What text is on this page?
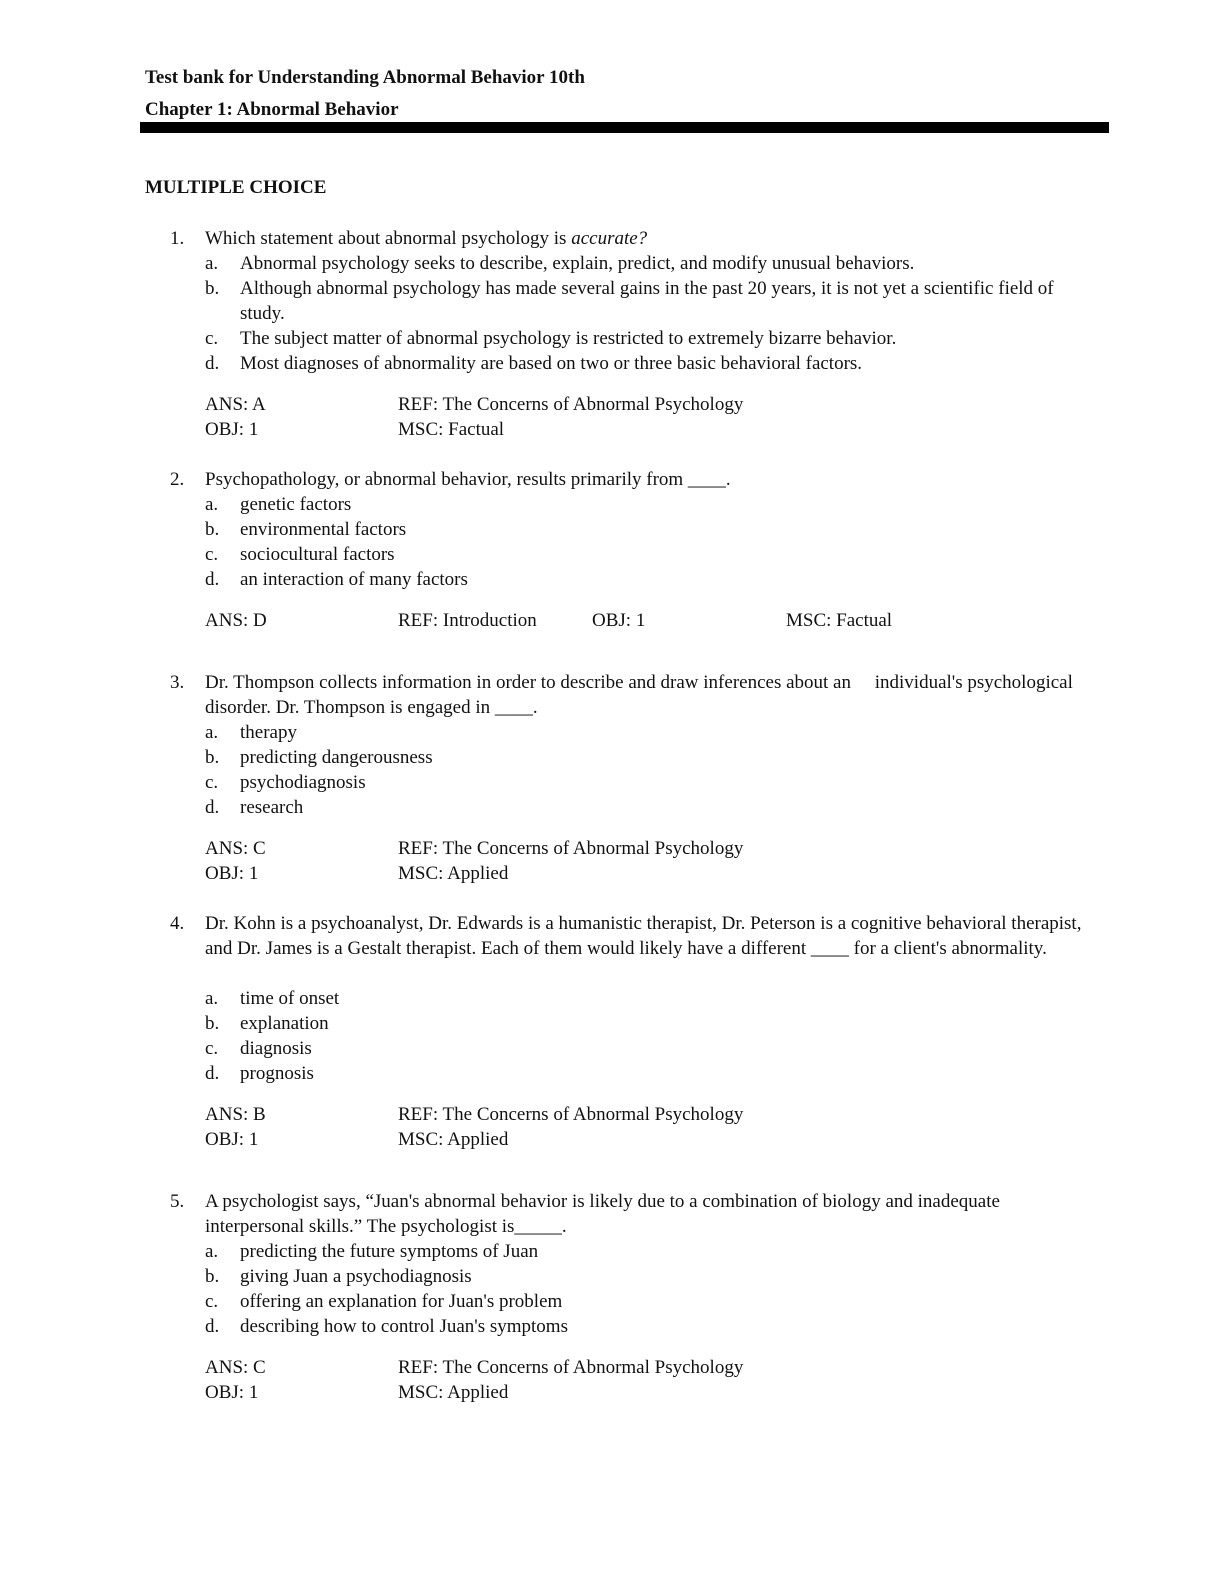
Test bank for Understanding Abnormal Behavior 10th
Chapter 1: Abnormal Behavior
MULTIPLE CHOICE
1. Which statement about abnormal psychology is accurate?
a.	Abnormal psychology seeks to describe, explain, predict, and modify unusual behaviors.
b.	Although abnormal psychology has made several gains in the past 20 years, it is not yet a scientific field of study.
c.	The subject matter of abnormal psychology is restricted to extremely bizarre behavior.
d.	Most diagnoses of abnormality are based on two or three basic behavioral factors.
ANS: A	REF: The Concerns of Abnormal Psychology
OBJ: 1	MSC: Factual
2. Psychopathology, or abnormal behavior, results primarily from ____.
a.	genetic factors
b.	environmental factors
c.	sociocultural factors
d.	an interaction of many factors
ANS: D	REF: Introduction	OBJ: 1	MSC: Factual
3. Dr. Thompson collects information in order to describe and draw inferences about an     individual's psychological disorder. Dr. Thompson is engaged in ____.
a.	therapy
b.	predicting dangerousness
c.	psychodiagnosis
d.	research
ANS: C	REF: The Concerns of Abnormal Psychology
OBJ: 1	MSC: Applied
4. Dr. Kohn is a psychoanalyst, Dr. Edwards is a humanistic therapist, Dr. Peterson is a cognitive behavioral therapist, and Dr. James is a Gestalt therapist. Each of them would likely have a different ____ for a client's abnormality.
a.	time of onset
b.	explanation
c.	diagnosis
d.	prognosis
ANS: B	REF: The Concerns of Abnormal Psychology
OBJ: 1	MSC: Applied
5. A psychologist says, “Juan's abnormal behavior is likely due to a combination of biology and inadequate interpersonal skills.” The psychologist is_____.
a.	predicting the future symptoms of Juan
b.	giving Juan a psychodiagnosis
c.	offering an explanation for Juan's problem
d.	describing how to control Juan's symptoms
ANS: C	REF: The Concerns of Abnormal Psychology
OBJ: 1	MSC: Applied
